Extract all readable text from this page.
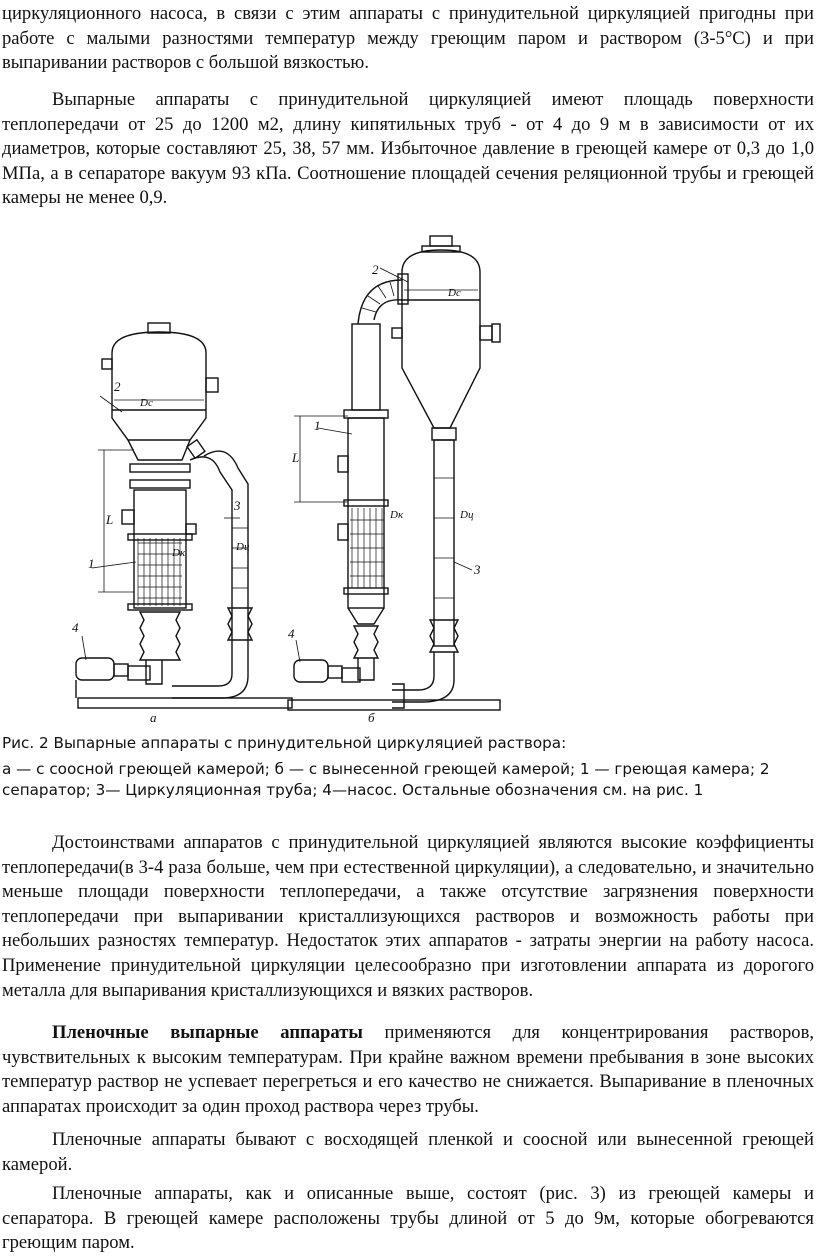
циркуляционного насоса, в связи с этим аппараты с принудительной циркуляцией пригодны при работе с малыми разностями температур между греющим паром и раствором (3-5°С) и при выпаривании растворов с большой вязкостью.

Выпарные аппараты с принудительной циркуляцией имеют площадь поверхности теплопередачи от 25 до 1200 м2, длину кипятильных труб - от 4 до 9 м в зависимости от их диаметров, которые составляют 25, 38, 57 мм. Избыточное давление в греющей камере от 0,3 до 1,0 МПа, а в сепараторе вакуум 93 кПа. Соотношение площадей сечения реляционной трубы и греющей камеры не менее 0,9.

2
1
3
4
L
Dс
Dк	Dц
а
2
1
3
4
L
Dс
Dк	Dц
б

Рис. 2 Выпарные аппараты с принудительной циркуляцией раствора:

а — с соосной греющей камерой; б — с вынесенной греющей камерой; 1 — греющая камера; 2 сепаратор; 3— Циркуляционная труба; 4—насос. Остальные обозначения см. на рис. 1

Достоинствами аппаратов с принудительной циркуляцией являются высокие коэффициенты теплопередачи(в 3-4 раза больше, чем при естественной циркуляции), а следовательно, и значительно меньше площади поверхности теплопередачи, а также отсутствие загрязнения поверхности теплопередачи при выпаривании кристаллизующихся растворов и возможность работы при небольших разностях температур. Недостаток этих аппаратов - затраты энергии на работу насоса. Применение принудительной циркуляции целесообразно при изготовлении аппарата из дорогого металла для выпаривания кристаллизующихся и вязких растворов.

Пленочные выпарные аппараты применяются для концентрирования растворов, чувствительных к высоким температурам. При крайне важном времени пребывания в зоне высоких температур раствор не успевает перегреться и его качество не снижается. Выпаривание в пленочных аппаратах происходит за один проход раствора через трубы.

Пленочные аппараты бывают с восходящей пленкой и соосной или вынесенной греющей камерой.

Пленочные аппараты, как и описанные выше, состоят (рис. 3) из греющей камеры и сепаратора. В греющей камере расположены трубы длиной от 5 до 9м, которые обогреваются греющим паром.
